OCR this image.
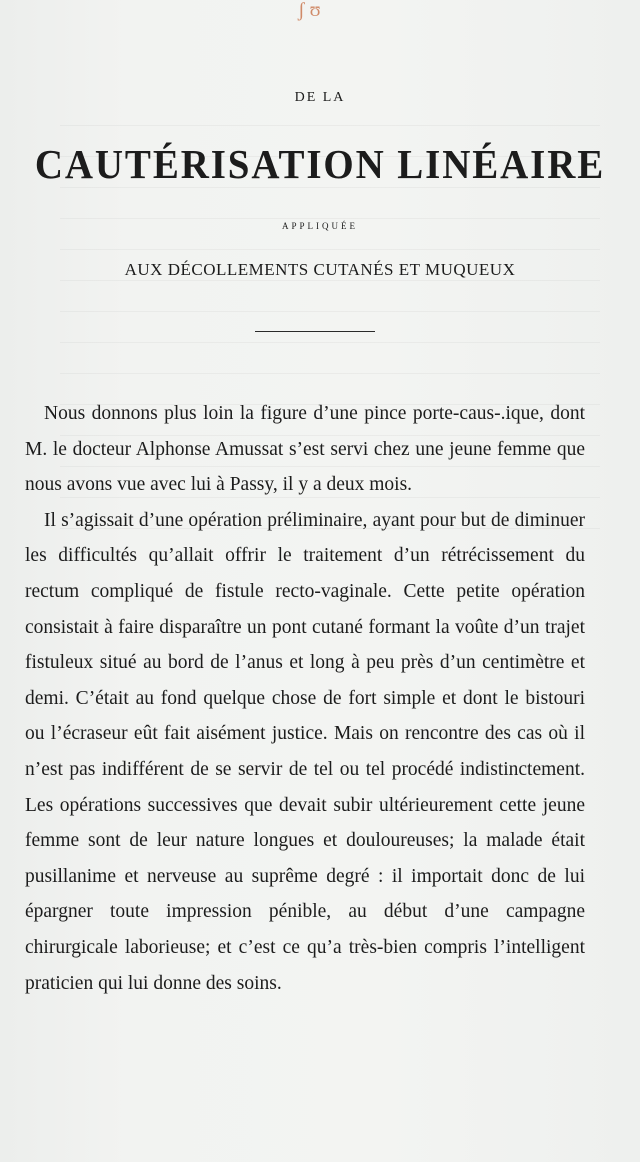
ʃ ʊ
DE LA
CAUTÉRISATION LINÉAIRE
APPLIQUÉE
AUX DÉCOLLEMENTS CUTANÉS ET MUQUEUX

Nous donnons plus loin la figure d’une pince porte-caus-.ique, dont M. le docteur Alphonse Amussat s’est servi chez une jeune femme que nous avons vue avec lui à Passy, il y a deux mois.

Il s’agissait d’une opération préliminaire, ayant pour but de diminuer les difficultés qu’allait offrir le traitement d’un rétrécissement du rectum compliqué de fistule recto-vaginale. Cette petite opération consistait à faire disparaître un pont cutané formant la voûte d’un trajet fistuleux situé au bord de l’anus et long à peu près d’un centimètre et demi. C’était au fond quelque chose de fort simple et dont le bistouri ou l’écraseur eût fait aisément justice. Mais on rencontre des cas où il n’est pas indifférent de se servir de tel ou tel procédé indistinctement. Les opérations successives que devait subir ultérieurement cette jeune femme sont de leur nature longues et douloureuses; la malade était pusillanime et nerveuse au suprême degré : il importait donc de lui épargner toute impression pénible, au début d’une campagne chirurgicale laborieuse; et c’est ce qu’a très-bien compris l’intelligent praticien qui lui donne des soins.
